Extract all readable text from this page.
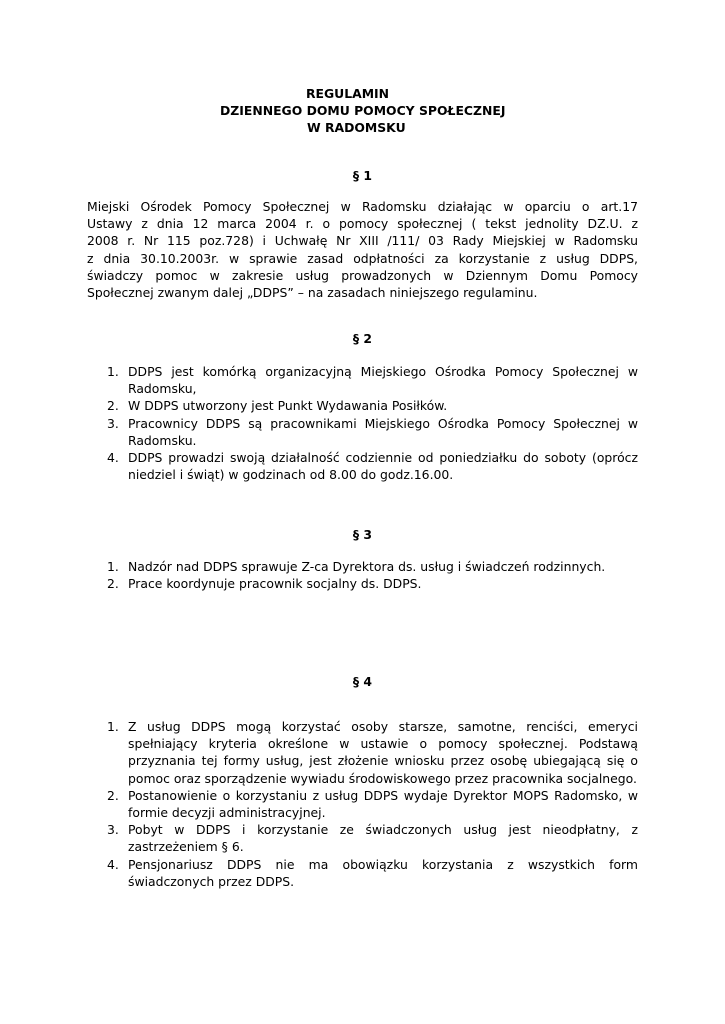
REGULAMIN
DZIENNEGO DOMU POMOCY SPOŁECZNEJ
W RADOMSKU
§ 1
Miejski Ośrodek Pomocy Społecznej w Radomsku działając w oparciu o art.17
Ustawy z dnia 12 marca 2004 r. o pomocy społecznej ( tekst jednolity DZ.U. z
2008 r. Nr 115 poz.728) i Uchwałę Nr XIII /111/ 03 Rady Miejskiej w Radomsku
z dnia 30.10.2003r. w sprawie zasad odpłatności za korzystanie z usług DDPS,
świadczy pomoc w zakresie usług prowadzonych w Dziennym Domu Pomocy
Społecznej zwanym dalej „DDPS” – na zasadach niniejszego regulaminu.
§ 2
1. DDPS jest komórką organizacyjną Miejskiego Ośrodka Pomocy Społecznej w Radomsku,
2. W DDPS utworzony jest Punkt Wydawania Posiłków.
3. Pracownicy DDPS są pracownikami Miejskiego Ośrodka Pomocy Społecznej w Radomsku.
4. DDPS prowadzi swoją działalność codziennie od poniedziałku do soboty (oprócz niedziel i świąt) w godzinach od 8.00 do godz.16.00.
§ 3
1. Nadzór nad DDPS sprawuje Z-ca Dyrektora ds. usług i świadczeń rodzinnych.
2. Prace koordynuje pracownik socjalny ds. DDPS.
§ 4
1. Z usług DDPS mogą korzystać osoby starsze, samotne, renciści, emeryci spełniający kryteria określone w ustawie o pomocy społecznej. Podstawą przyznania tej formy usług, jest złożenie wniosku przez osobę ubiegającą się o pomoc oraz sporządzenie wywiadu środowiskowego przez pracownika socjalnego.
2. Postanowienie o korzystaniu z usług DDPS wydaje Dyrektor MOPS Radomsko, w formie decyzji administracyjnej.
3. Pobyt w DDPS i korzystanie ze świadczonych usług jest nieodpłatny, z zastrzeżeniem § 6.
4. Pensjonariusz DDPS nie ma obowiązku korzystania z wszystkich form świadczonych przez DDPS.
